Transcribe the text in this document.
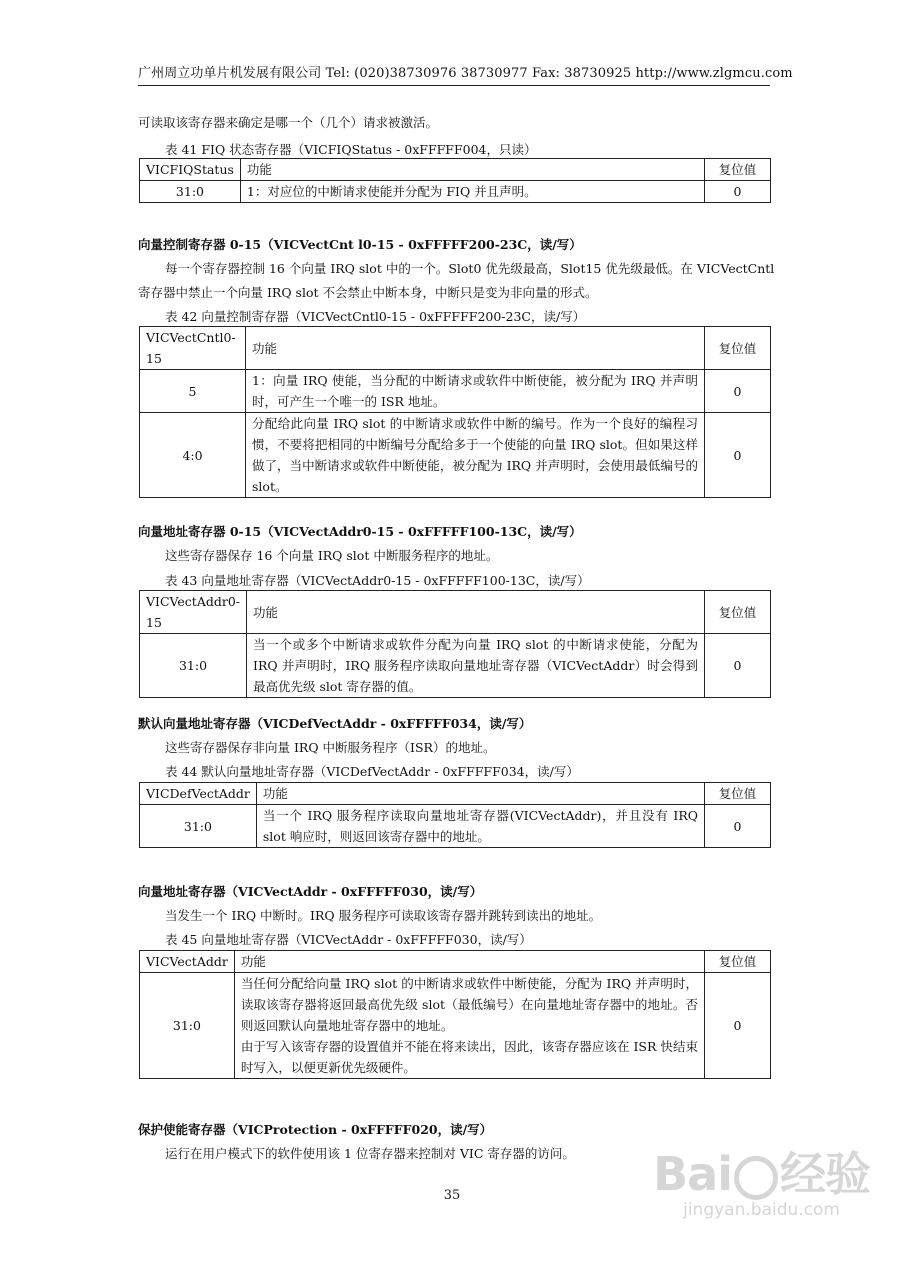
广州周立功单片机发展有限公司 Tel: (020)38730976 38730977 Fax: 38730925 http://www.zlgmcu.com
可读取该寄存器来确定是哪一个（几个）请求被激活。
表 41 FIQ 状态寄存器（VICFIQStatus - 0xFFFFF004，只读）
VICFIQStatus	功能	复位值
31:0	1：对应位的中断请求使能并分配为 FIQ 并且声明。	0
向量控制寄存器 0-15（VICVectCnt l0-15 - 0xFFFFF200-23C，读/写）
每一个寄存器控制 16 个向量 IRQ slot 中的一个。Slot0 优先级最高，Slot15 优先级最低。在 VICVectCntl
寄存器中禁止一个向量 IRQ slot 不会禁止中断本身，中断只是变为非向量的形式。
表 42 向量控制寄存器（VICVectCntl0-15 - 0xFFFFF200-23C，读/写）
VICVectCntl0-15	功能	复位值
5	1：向量 IRQ 使能，当分配的中断请求或软件中断使能，被分配为 IRQ 并声明时，可产生一个唯一的 ISR 地址。	0
4:0	分配给此向量 IRQ slot 的中断请求或软件中断的编号。作为一个良好的编程习惯，不要将把相同的中断编号分配给多于一个使能的向量 IRQ slot。但如果这样做了，当中断请求或软件中断使能，被分配为 IRQ 并声明时，会使用最低编号的 slot。	0
向量地址寄存器 0-15（VICVectAddr0-15 - 0xFFFFF100-13C，读/写）
这些寄存器保存 16 个向量 IRQ slot 中断服务程序的地址。
表 43 向量地址寄存器（VICVectAddr0-15 - 0xFFFFF100-13C，读/写）
VICVectAddr0-15	功能	复位值
31:0	当一个或多个中断请求或软件分配为向量 IRQ slot 的中断请求使能，分配为 IRQ 并声明时，IRQ 服务程序读取向量地址寄存器（VICVectAddr）时会得到最高优先级 slot 寄存器的值。	0
默认向量地址寄存器（VICDefVectAddr - 0xFFFFF034，读/写）
这些寄存器保存非向量 IRQ 中断服务程序（ISR）的地址。
表 44 默认向量地址寄存器（VICDefVectAddr - 0xFFFFF034，读/写）
VICDefVectAddr	功能	复位值
31:0	当一个 IRQ 服务程序读取向量地址寄存器(VICVectAddr)，并且没有 IRQ slot 响应时，则返回该寄存器中的地址。	0
向量地址寄存器（VICVectAddr - 0xFFFFF030，读/写）
当发生一个 IRQ 中断时。IRQ 服务程序可读取该寄存器并跳转到读出的地址。
表 45 向量地址寄存器（VICVectAddr - 0xFFFFF030，读/写）
VICVectAddr	功能	复位值
31:0	当任何分配给向量 IRQ slot 的中断请求或软件中断使能，分配为 IRQ 并声明时，读取该寄存器将返回最高优先级 slot（最低编号）在向量地址寄存器中的地址。否则返回默认向量地址寄存器中的地址。
由于写入该寄存器的设置值并不能在将来读出，因此，该寄存器应该在 ISR 快结束时写入，以便更新优先级硬件。	0
保护使能寄存器（VICProtection - 0xFFFFF020，读/写）
运行在用户模式下的软件使用该 1 位寄存器来控制对 VIC 寄存器的访问。
35	Bai 经验
jingyan.baidu.com
